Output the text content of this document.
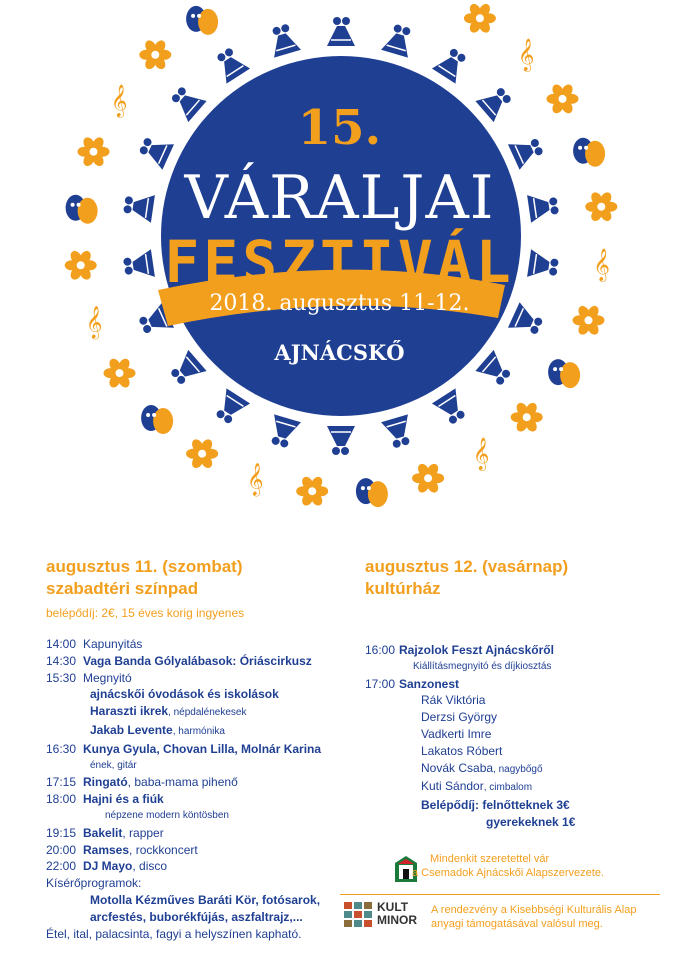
𝄞
𝄞
𝄞
𝄞
𝄞
𝄞	15.
VÁRALJAI
FESZTIVÁL
2018. augusztus 11-12.
AJNÁCSKŐ
augusztus 11. (szombat)
szabadtéri színpad
belépődíj: 2€, 15 éves korig ingyenes
14:00 Kapunyitás
14:30 Vaga Banda Gólyalábasok: Óriáscirkusz
15:30 Megnyitó
ajnácskői óvodások és iskolások
Haraszti ikrek, népdalénekesek
Jakab Levente, harmónika
16:30 Kunya Gyula, Chovan Lilla, Molnár Karina
ének, gitár
17:15 Ringató , baba-mama pihenő
18:00 Hajni és a fiúk
népzene modern köntösben
19:15 Bakelit , rapper
20:00 Ramses , rockkoncert
22:00 DJ Mayo , disco
Kísérőprogramok:
Motolla Kézműves Baráti Kör, fotósarok,
arcfestés, buborékfújás, aszfaltrajz,...
Étel, ital, palacsinta, fagyi a helyszínen kapható.
augusztus 12. (vasárnap)
kultúrház
16:00 Rajzolok Feszt Ajnácskőről
Kiállításmegnyitó és díjkiosztás
17:00 Sanzonest
Rák Viktória
Derzsi György
Vadkerti Imre
Lakatos Róbert
Novák Csaba, nagybőgő
Kuti Sándor, cimbalom
Belépődíj: felnőtteknek 3€
gyerekeknek 1€
Mindenkit szeretettel vár
a Csemadok Ajnácskői Alapszervezete.
KULT
MINOR
A rendezvény a Kisebbségi Kulturális Alap
anyagi támogatásával valósul meg.
